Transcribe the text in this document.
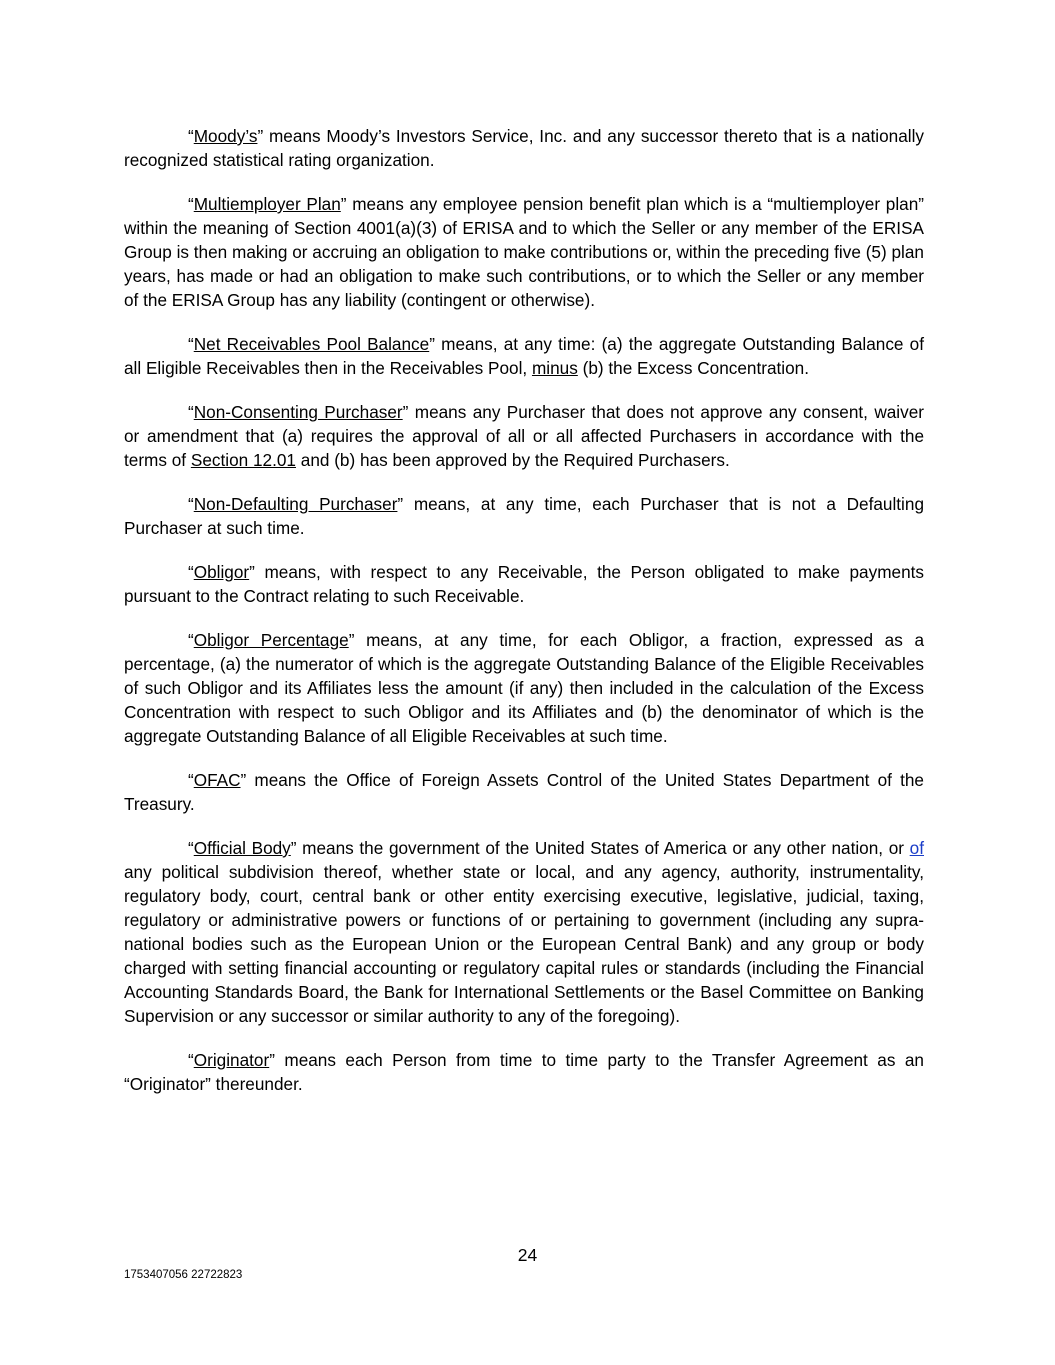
“Moody’s” means Moody’s Investors Service, Inc. and any successor thereto that is a nationally recognized statistical rating organization.

“Multiemployer Plan” means any employee pension benefit plan which is a “multiemployer plan” within the meaning of Section 4001(a)(3) of ERISA and to which the Seller or any member of the ERISA Group is then making or accruing an obligation to make contributions or, within the preceding five (5) plan years, has made or had an obligation to make such contributions, or to which the Seller or any member of the ERISA Group has any liability (contingent or otherwise).

“Net Receivables Pool Balance” means, at any time: (a) the aggregate Outstanding Balance of all Eligible Receivables then in the Receivables Pool, minus (b) the Excess Concentration.

“Non-Consenting Purchaser” means any Purchaser that does not approve any consent, waiver or amendment that (a) requires the approval of all or all affected Purchasers in accordance with the terms of Section 12.01 and (b) has been approved by the Required Purchasers.

“Non-Defaulting Purchaser” means, at any time, each Purchaser that is not a Defaulting Purchaser at such time.

“Obligor” means, with respect to any Receivable, the Person obligated to make payments pursuant to the Contract relating to such Receivable.

“Obligor Percentage” means, at any time, for each Obligor, a fraction, expressed as a percentage, (a) the numerator of which is the aggregate Outstanding Balance of the Eligible Receivables of such Obligor and its Affiliates less the amount (if any) then included in the calculation of the Excess Concentration with respect to such Obligor and its Affiliates and (b) the denominator of which is the aggregate Outstanding Balance of all Eligible Receivables at such time.

“OFAC” means the Office of Foreign Assets Control of the United States Department of the Treasury.

“Official Body” means the government of the United States of America or any other nation, or of any political subdivision thereof, whether state or local, and any agency, authority, instrumentality, regulatory body, court, central bank or other entity exercising executive, legislative, judicial, taxing, regulatory or administrative powers or functions of or pertaining to government (including any supra-national bodies such as the European Union or the European Central Bank) and any group or body charged with setting financial accounting or regulatory capital rules or standards (including the Financial Accounting Standards Board, the Bank for International Settlements or the Basel Committee on Banking Supervision or any successor or similar authority to any of the foregoing).

“Originator” means each Person from time to time party to the Transfer Agreement as an “Originator” thereunder.

24
1753407056 22722823
